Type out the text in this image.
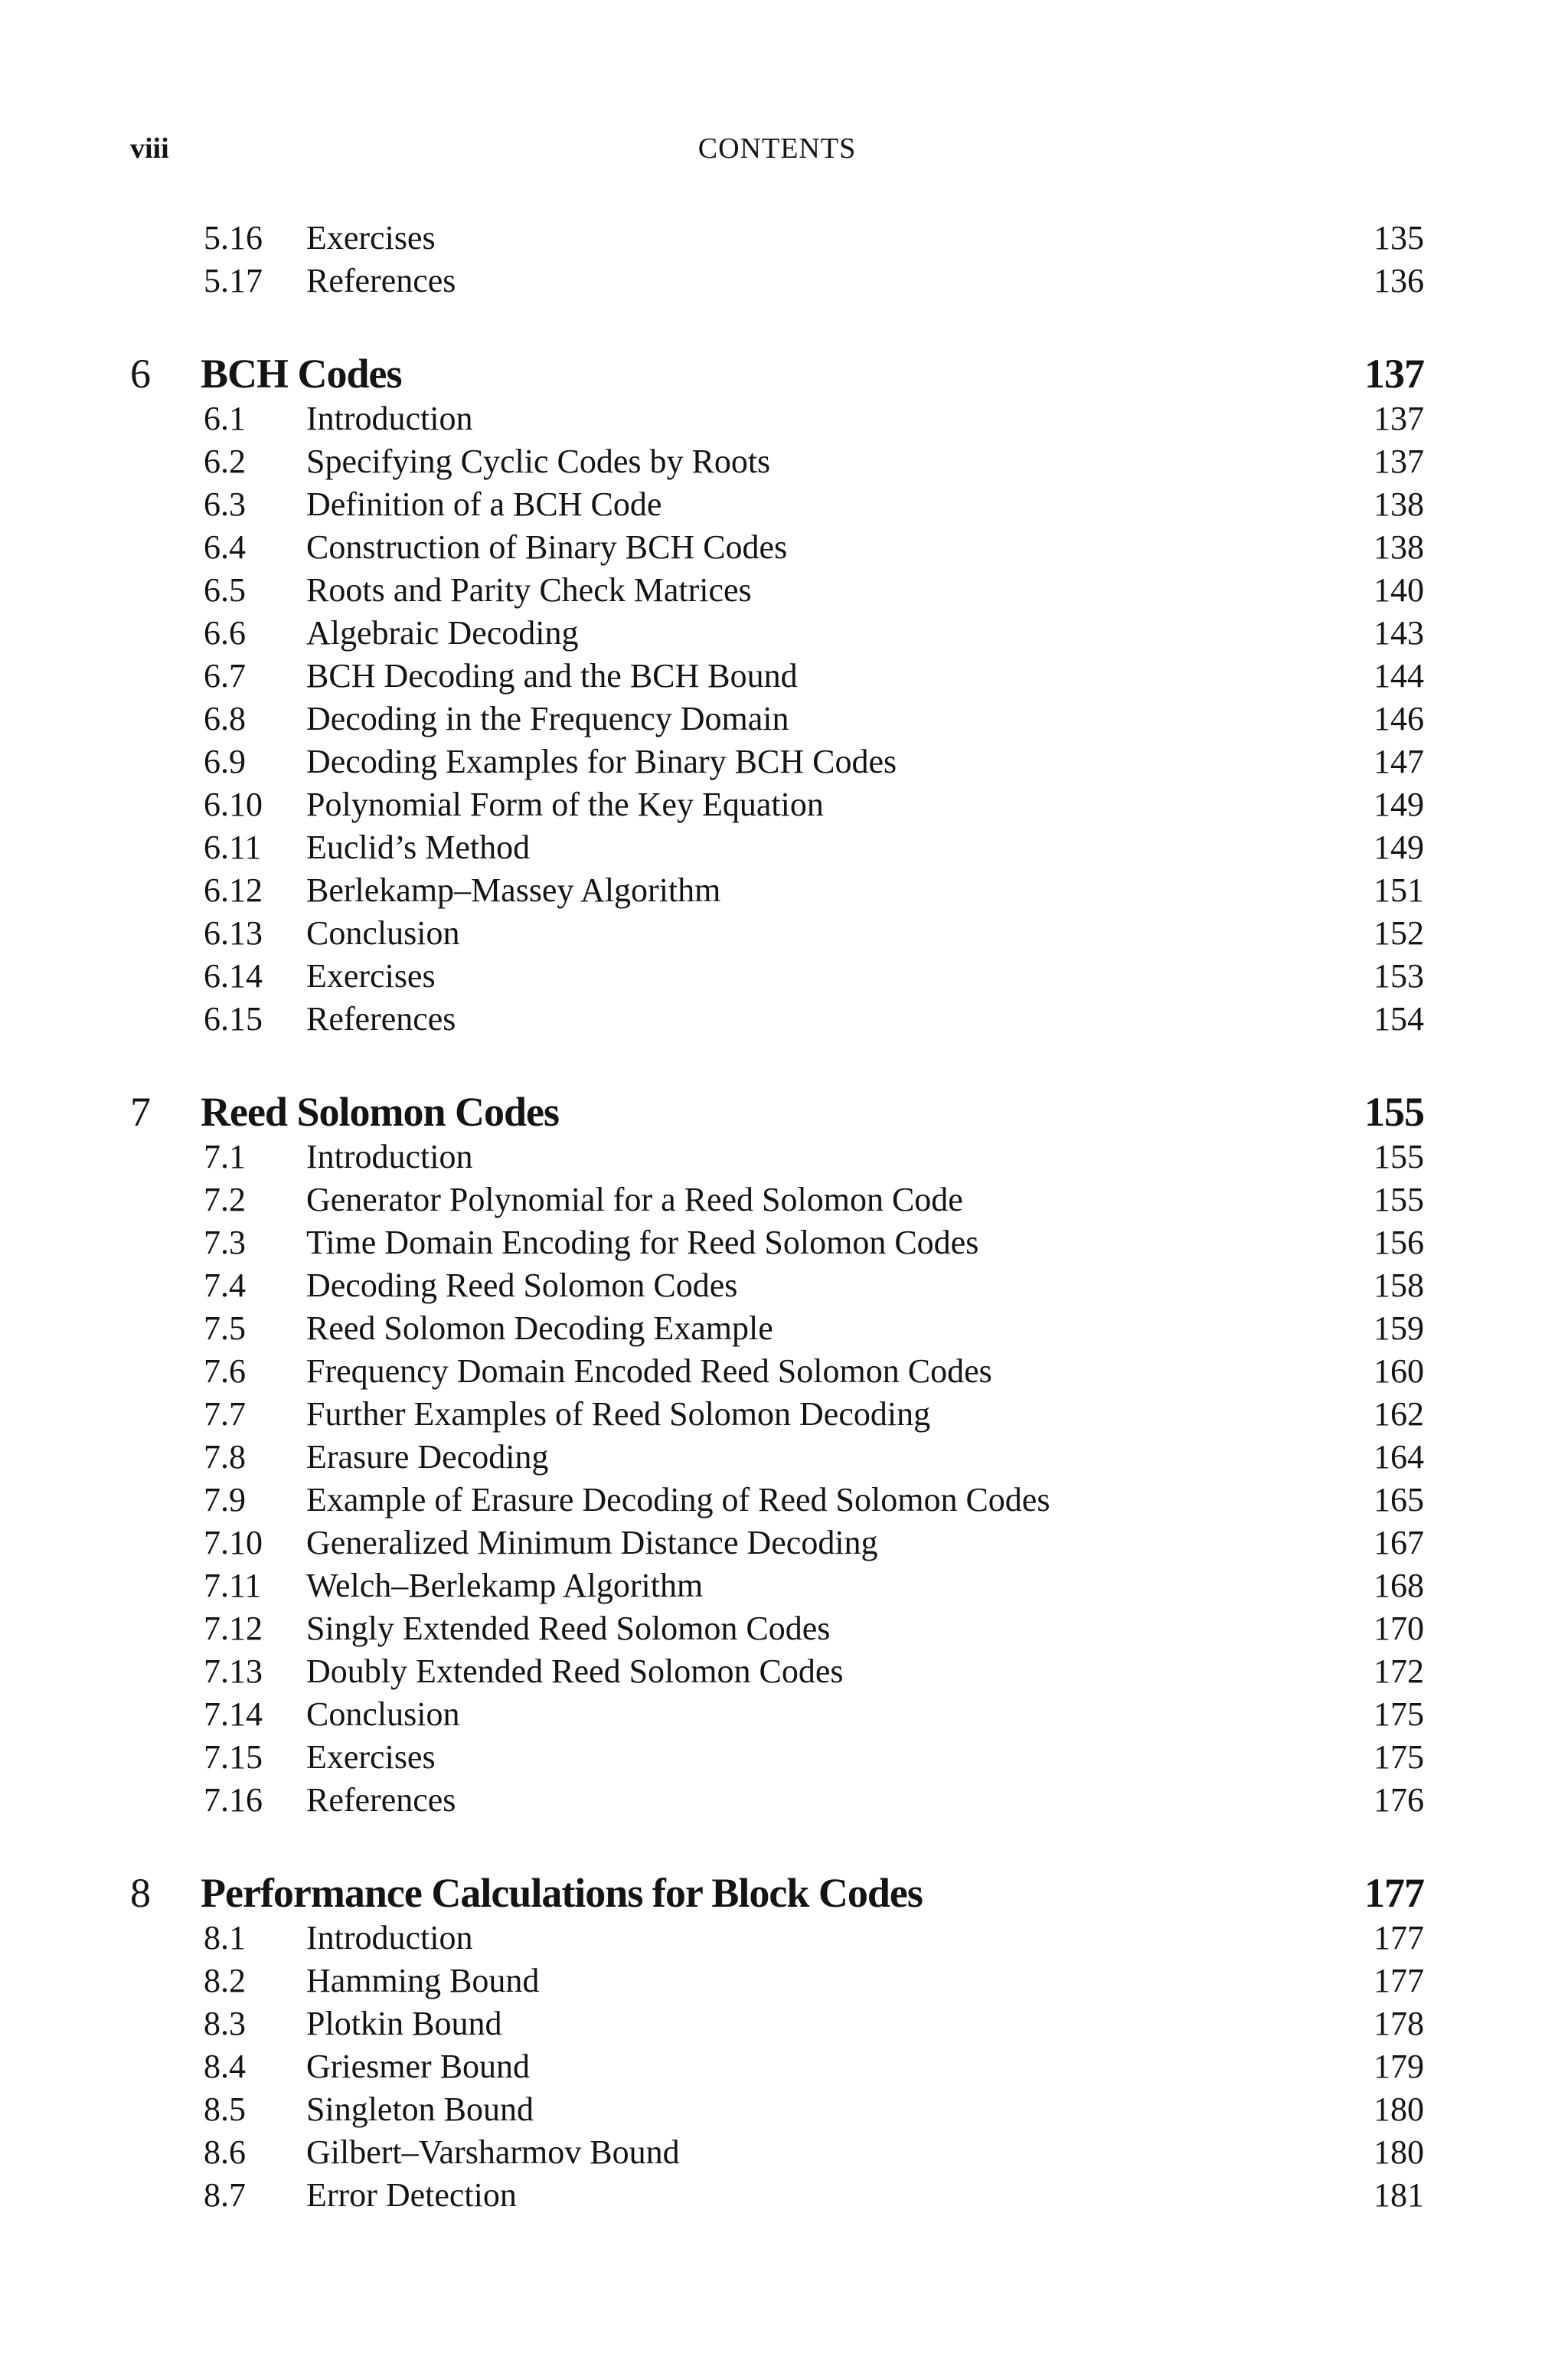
viii	CONTENTS
5.16 Exercises	135
5.17 References	136
6 BCH Codes	137
6.1 Introduction	137
6.2 Specifying Cyclic Codes by Roots	137
6.3 Definition of a BCH Code	138
6.4 Construction of Binary BCH Codes	138
6.5 Roots and Parity Check Matrices	140
6.6 Algebraic Decoding	143
6.7 BCH Decoding and the BCH Bound	144
6.8 Decoding in the Frequency Domain	146
6.9 Decoding Examples for Binary BCH Codes	147
6.10 Polynomial Form of the Key Equation	149
6.11 Euclid’s Method	149
6.12 Berlekamp–Massey Algorithm	151
6.13 Conclusion	152
6.14 Exercises	153
6.15 References	154
7 Reed Solomon Codes	155
7.1 Introduction	155
7.2 Generator Polynomial for a Reed Solomon Code	155
7.3 Time Domain Encoding for Reed Solomon Codes	156
7.4 Decoding Reed Solomon Codes	158
7.5 Reed Solomon Decoding Example	159
7.6 Frequency Domain Encoded Reed Solomon Codes	160
7.7 Further Examples of Reed Solomon Decoding	162
7.8 Erasure Decoding	164
7.9 Example of Erasure Decoding of Reed Solomon Codes	165
7.10 Generalized Minimum Distance Decoding	167
7.11 Welch–Berlekamp Algorithm	168
7.12 Singly Extended Reed Solomon Codes	170
7.13 Doubly Extended Reed Solomon Codes	172
7.14 Conclusion	175
7.15 Exercises	175
7.16 References	176
8 Performance Calculations for Block Codes	177
8.1 Introduction	177
8.2 Hamming Bound	177
8.3 Plotkin Bound	178
8.4 Griesmer Bound	179
8.5 Singleton Bound	180
8.6 Gilbert–Varsharmov Bound	180
8.7 Error Detection	181
